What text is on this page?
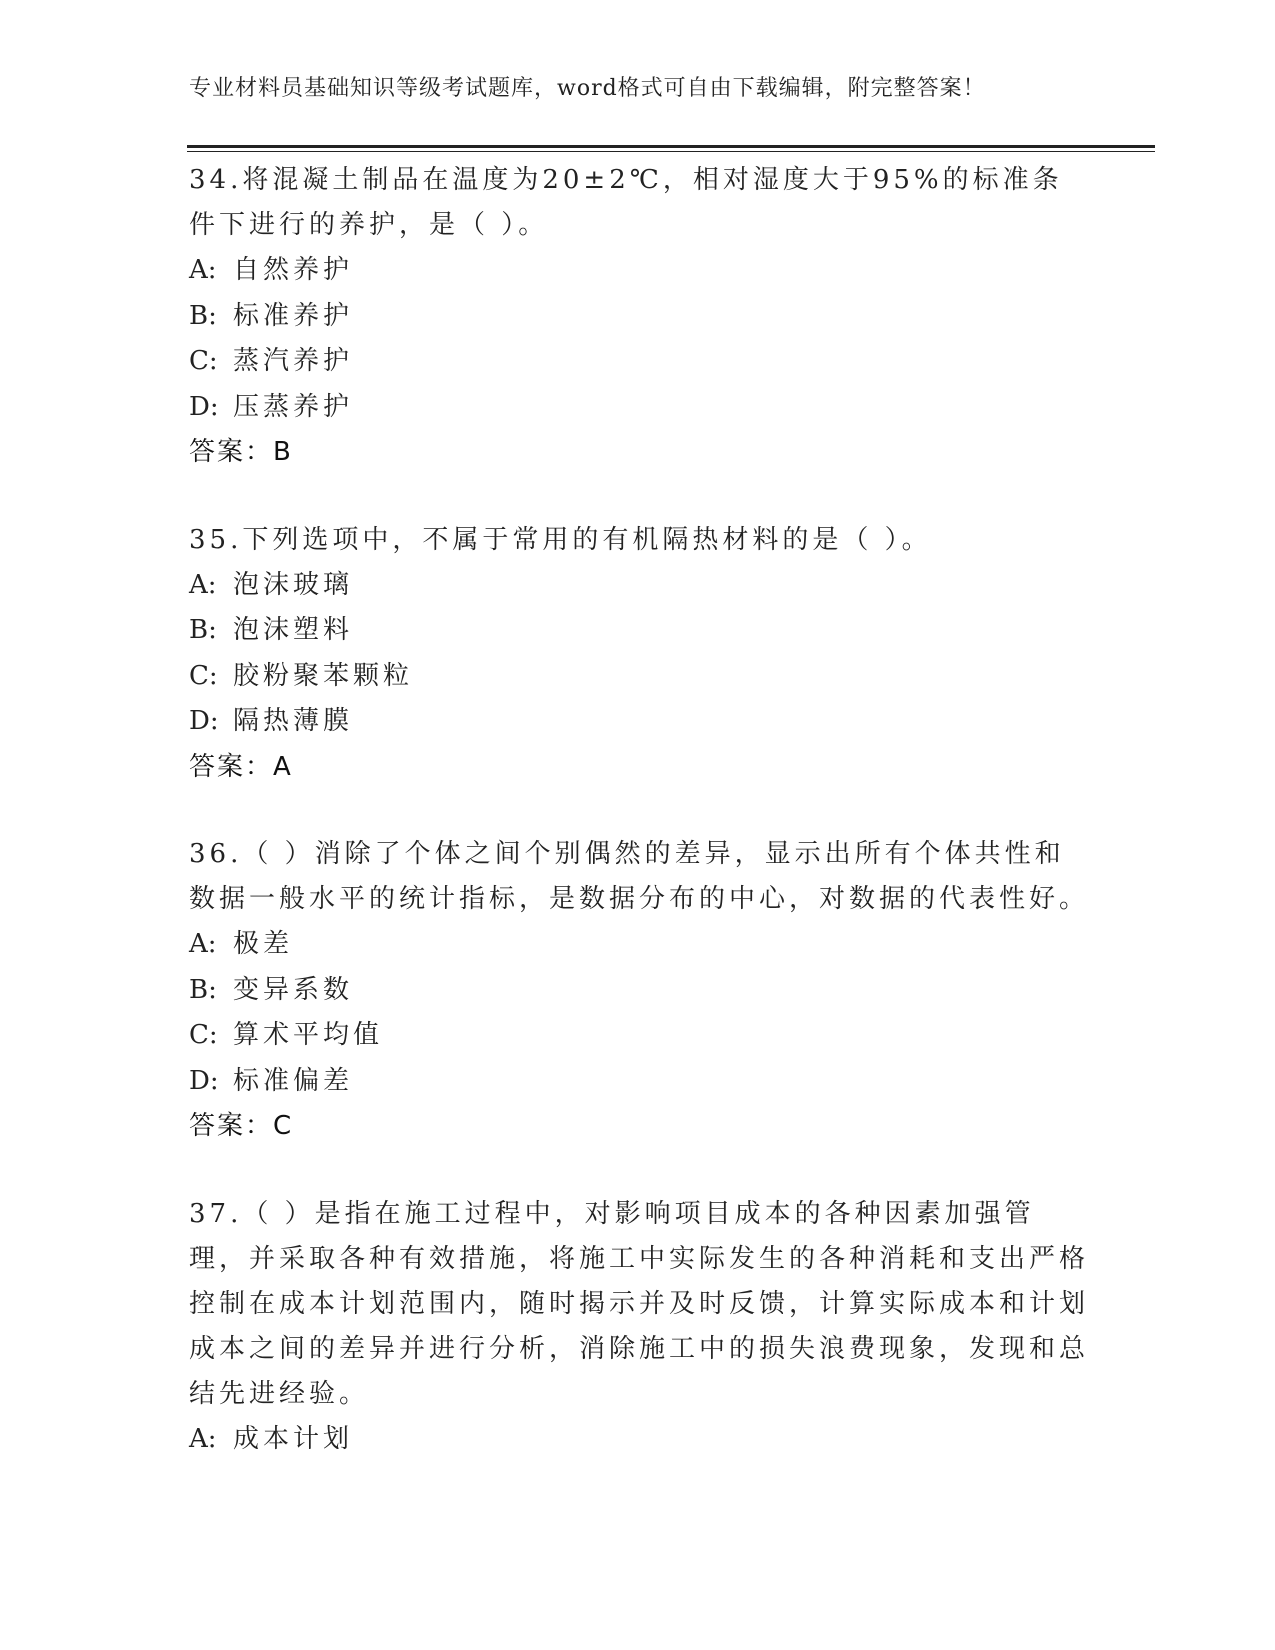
专业材料员基础知识等级考试题库，word格式可自由下载编辑，附完整答案！

34.将混凝土制品在温度为20±2℃，相对湿度大于95%的标准条件下进行的养护，是（ ）。

A: 自然养护
B: 标准养护
C: 蒸汽养护
D: 压蒸养护

答案：B

35.下列选项中，不属于常用的有机隔热材料的是（ ）。

A: 泡沫玻璃
B: 泡沫塑料
C: 胶粉聚苯颗粒
D: 隔热薄膜

答案：A

36.（ ）消除了个体之间个别偶然的差异，显示出所有个体共性和数据一般水平的统计指标，是数据分布的中心，对数据的代表性好。

A: 极差
B: 变异系数
C: 算术平均值
D: 标准偏差

答案：C

37.（ ）是指在施工过程中，对影响项目成本的各种因素加强管理，并采取各种有效措施，将施工中实际发生的各种消耗和支出严格控制在成本计划范围内，随时揭示并及时反馈，计算实际成本和计划成本之间的差异并进行分析，消除施工中的损失浪费现象，发现和总结先进经验。

A: 成本计划
